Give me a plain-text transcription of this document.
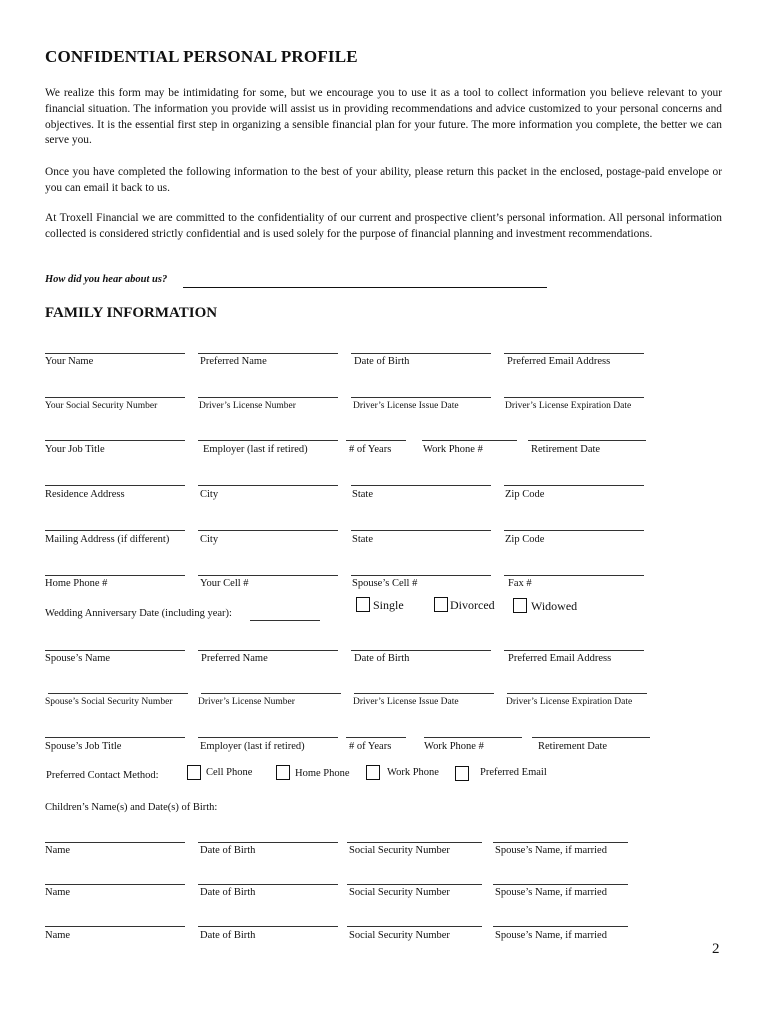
CONFIDENTIAL PERSONAL PROFILE
We realize this form may be intimidating for some, but we encourage you to use it as a tool to collect information you believe relevant to your financial situation. The information you provide will assist us in providing recommendations and advice customized to your personal concerns and objectives. It is the essential first step in organizing a sensible financial plan for your future. The more information you complete, the better we can serve you.
Once you have completed the following information to the best of your ability, please return this packet in the enclosed, postage-paid envelope or you can email it back to us.
At Troxell Financial we are committed to the confidentiality of our current and prospective client’s personal information. All personal information collected is considered strictly confidential and is used solely for the purpose of financial planning and investment recommendations.
How did you hear about us?
FAMILY INFORMATION
Your Name	Preferred Name	Date of Birth	Preferred Email Address
Your Social Security Number	Driver’s License Number	Driver’s License Issue Date	Driver’s License Expiration Date
Your Job Title	Employer (last if retired)	# of Years	Work Phone #	Retirement Date
Residence Address	City	State	Zip Code
Mailing Address (if different)	City	State	Zip Code
Home Phone #	Your Cell #	Spouse’s Cell #	Fax #
Wedding Anniversary Date (including year):
Single	Divorced	Widowed
Spouse’s Name	Preferred Name	Date of Birth	Preferred Email Address
Spouse’s Social Security Number	Driver’s License Number	Driver’s License Issue Date	Driver’s License Expiration Date
Spouse’s Job Title	Employer (last if retired)	# of Years	Work Phone #	Retirement Date
Preferred Contact Method:	Cell Phone	Home Phone	Work Phone	Preferred Email
Children’s Name(s) and Date(s) of Birth:
Name	Date of Birth	Social Security Number	Spouse’s Name, if married
Name	Date of Birth	Social Security Number	Spouse’s Name, if married
Name	Date of Birth	Social Security Number	Spouse’s Name, if married
2
